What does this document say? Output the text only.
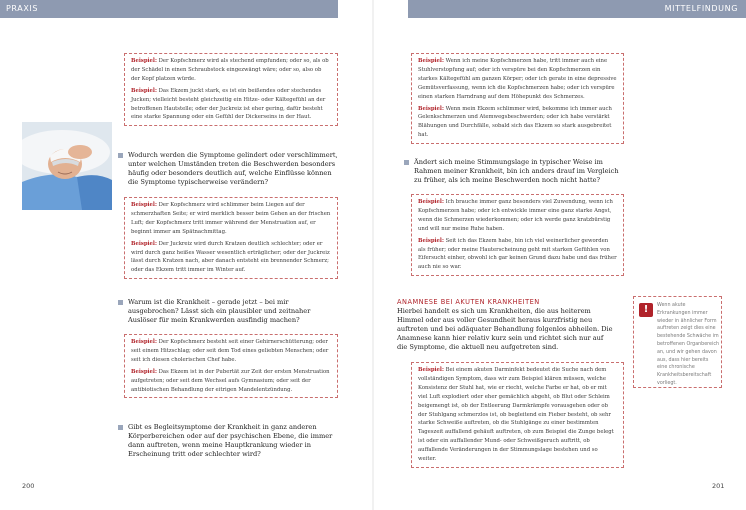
PRAXIS	MITTELFINDUNG

Beispiel: Der Kopfschmerz wird als stechend empfunden; oder so, als ob der Schädel in einen Schraubstock eingezwängt wäre; oder so, also ob der Kopf platzen würde.

Beispiel: Das Ekzem juckt stark, es ist ein beißendes oder stechendes Jucken; vielleicht besteht gleichzeitig ein Hitze- oder Kältegefühl an der betroffenen Hautstelle; oder der Juckreiz ist eher gering, dafür besteht eine starke Spannung oder ein Gefühl der Dickerseins in der Haut.

Wodurch werden die Symptome gelindert oder verschlimmert, unter welchen Umständen treten die Beschwerden besonders häufig oder besonders deutlich auf, welche Einflüsse können die Symptome typischerweise verändern?

Beispiel: Der Kopfschmerz wird schlimmer beim Liegen auf der schmerzhaften Seite; er wird merklich besser beim Gehen an der frischen Luft; der Kopfschmerz tritt immer während der Menstruation auf, er beginnt immer am Spätnachmittag.

Beispiel: Der Juckreiz wird durch Kratzen deutlich schlechter; oder er wird durch ganz heißes Wasser wesentlich erträglicher; oder der Juckreiz lässt durch Kratzen nach, aber danach entsteht ein brennender Schmerz; oder das Ekzem tritt immer im Winter auf.

Warum ist die Krankheit – gerade jetzt – bei mir ausgebrochen? Lässt sich ein plausibler und zeitnaher Auslöser für mein Krankwerden ausfindig machen?

Beispiel: Der Kopfschmerz besteht seit einer Gehirnerschütterung; oder seit einem Hitzschlag; oder seit dem Tod eines geliebten Menschen; oder seit ich diesen cholerischen Chef habe.

Beispiel: Das Ekzem ist in der Pubertät zur Zeit der ersten Menstruation aufgetreten; oder seit dem Wechsel aufs Gymnasium; oder seit der antibiotischen Behandlung der eitrigen Mandelentzündung.

Gibt es Begleitsymptome der Krankheit in ganz anderen Körperbereichen oder auf der psychischen Ebene, die immer dann auftreten, wenn meine Hauptkrankung wieder in Erscheinung tritt oder schlechter wird?
200

Beispiel: Wenn ich meine Kopfschmerzen habe, tritt immer auch eine Stuhlverstopfung auf; oder ich verspüre bei den Kopfschmerzen ein starkes Kältegefühl am ganzen Körper; oder ich gerate in eine depressive Gemütsverfassung, wenn ich die Kopfschmerzen habe; oder ich verspüre einen starken Harndrang auf dem Höhepunkt des Schmerzes.

Beispiel: Wenn mein Ekzem schlimmer wird, bekomme ich immer auch Gelenkschmerzen und Atemwegsbeschwerden; oder ich habe verstärkt Blähungen und Durchfälle, sobald sich das Ekzem so stark ausgebreitet hat.

Ändert sich meine Stimmungslage in typischer Weise im Rahmen meiner Krankheit, bin ich anders drauf im Vergleich zu früher, als ich meine Beschwerden noch nicht hatte?

Beispiel: Ich brauche immer ganz besonders viel Zuwendung, wenn ich Kopfschmerzen habe; oder ich entwickle immer eine ganz starke Angst, wenn die Schmerzen wiederkommen; oder ich werde ganz kratzbürstig und will nur meine Ruhe haben.

Beispiel: Seit ich das Ekzem habe, bin ich viel weinerlicher geworden als früher; oder meine Hauterscheinung geht mit starken Gefühlen von Eifersucht einher, obwohl ich gar keinen Grund dazu habe und das früher auch nie so war.

ANAMNESE BEI AKUTEN KRANKHEITEN
Hierbei handelt es sich um Krankheiten, die aus heiterem Himmel oder aus voller Gesundheit heraus kurzfristig neu auftreten und bei adäquater Behandlung folgenlos abheilen. Die Anamnese kann hier relativ kurz sein und richtet sich nur auf die Symptome, die aktuell neu aufgetreten sind.

Beispiel: Bei einem akuten Darminfekt bedeutet die Suche nach dem vollständigen Symptom, dass wir zum Beispiel klären müssen, welche Konsistenz der Stuhl hat, wie er riecht, welche Farbe er hat, ob er mit viel Luft explodiert oder eher gemächlich abgeht, ob Blut oder Schleim beigemengt ist, ob der Entleerung Darmkrämpfe vorausgehen oder ob der Stuhlgang schmerzlos ist, ob begleitend ein Fieber besteht, ob sehr starke Schweiße auftreten, ob die Stuhlgänge zu einer bestimmten Tageszeit auffallend gehäuft auftreten, ob zum Beispiel die Zunge belegt ist oder ein auffallender Mund- oder Schweißgeruch auftritt, ob auffallende Veränderungen in der Stimmungslage bestehen und so weiter.

!	Wenn akute Erkrankungen immer wieder in ähnlicher Form auftreten zeigt dies eine bestehende Schwäche im betroffenen Organbereich an, und wir gehen davon aus, dass hier bereits eine chronische Krankheitsbereitschaft vorliegt.
201
